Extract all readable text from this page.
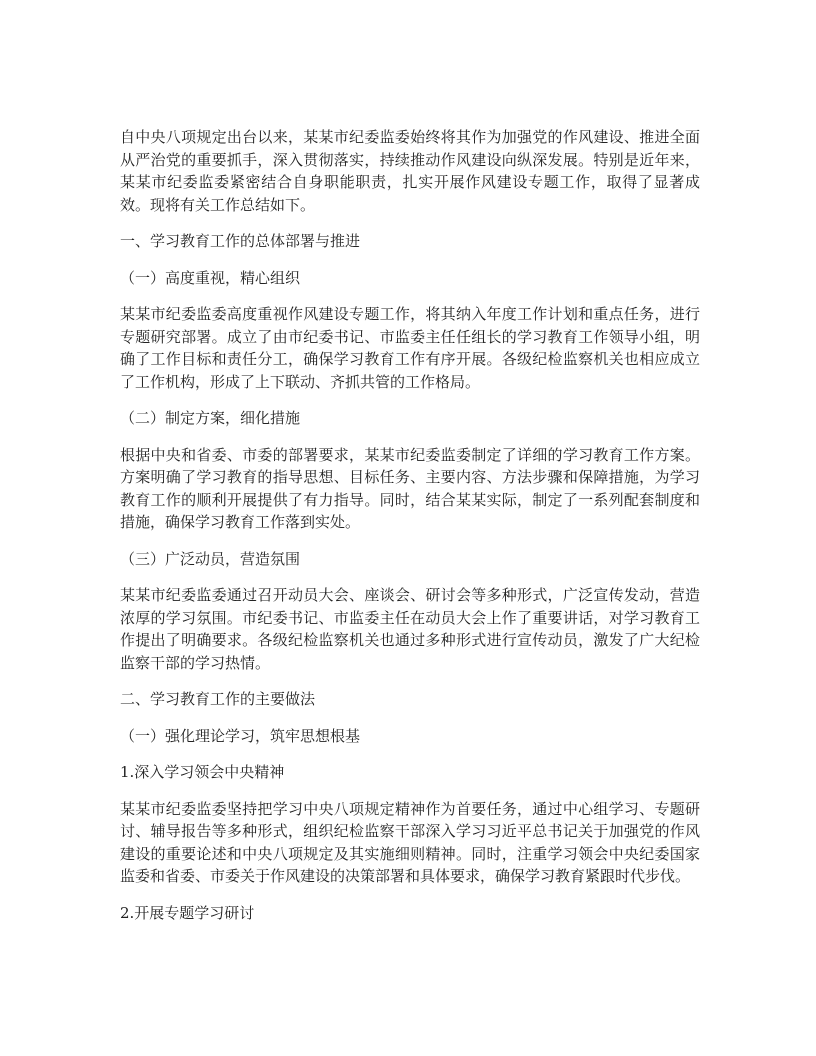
自中央八项规定出台以来，某某市纪委监委始终将其作为加强党的作风建设、推进全面从严治党的重要抓手，深入贯彻落实，持续推动作风建设向纵深发展。特别是近年来，某某市纪委监委紧密结合自身职能职责，扎实开展作风建设专题工作，取得了显著成效。现将有关工作总结如下。

一、学习教育工作的总体部署与推进

（一）高度重视，精心组织

某某市纪委监委高度重视作风建设专题工作，将其纳入年度工作计划和重点任务，进行专题研究部署。成立了由市纪委书记、市监委主任任组长的学习教育工作领导小组，明确了工作目标和责任分工，确保学习教育工作有序开展。各级纪检监察机关也相应成立了工作机构，形成了上下联动、齐抓共管的工作格局。

（二）制定方案，细化措施

根据中央和省委、市委的部署要求，某某市纪委监委制定了详细的学习教育工作方案。方案明确了学习教育的指导思想、目标任务、主要内容、方法步骤和保障措施，为学习教育工作的顺利开展提供了有力指导。同时，结合某某实际，制定了一系列配套制度和措施，确保学习教育工作落到实处。

（三）广泛动员，营造氛围

某某市纪委监委通过召开动员大会、座谈会、研讨会等多种形式，广泛宣传发动，营造浓厚的学习氛围。市纪委书记、市监委主任在动员大会上作了重要讲话，对学习教育工作提出了明确要求。各级纪检监察机关也通过多种形式进行宣传动员，激发了广大纪检监察干部的学习热情。

二、学习教育工作的主要做法

（一）强化理论学习，筑牢思想根基

1.深入学习领会中央精神

某某市纪委监委坚持把学习中央八项规定精神作为首要任务，通过中心组学习、专题研讨、辅导报告等多种形式，组织纪检监察干部深入学习习近平总书记关于加强党的作风建设的重要论述和中央八项规定及其实施细则精神。同时，注重学习领会中央纪委国家监委和省委、市委关于作风建设的决策部署和具体要求，确保学习教育紧跟时代步伐。

2.开展专题学习研讨
